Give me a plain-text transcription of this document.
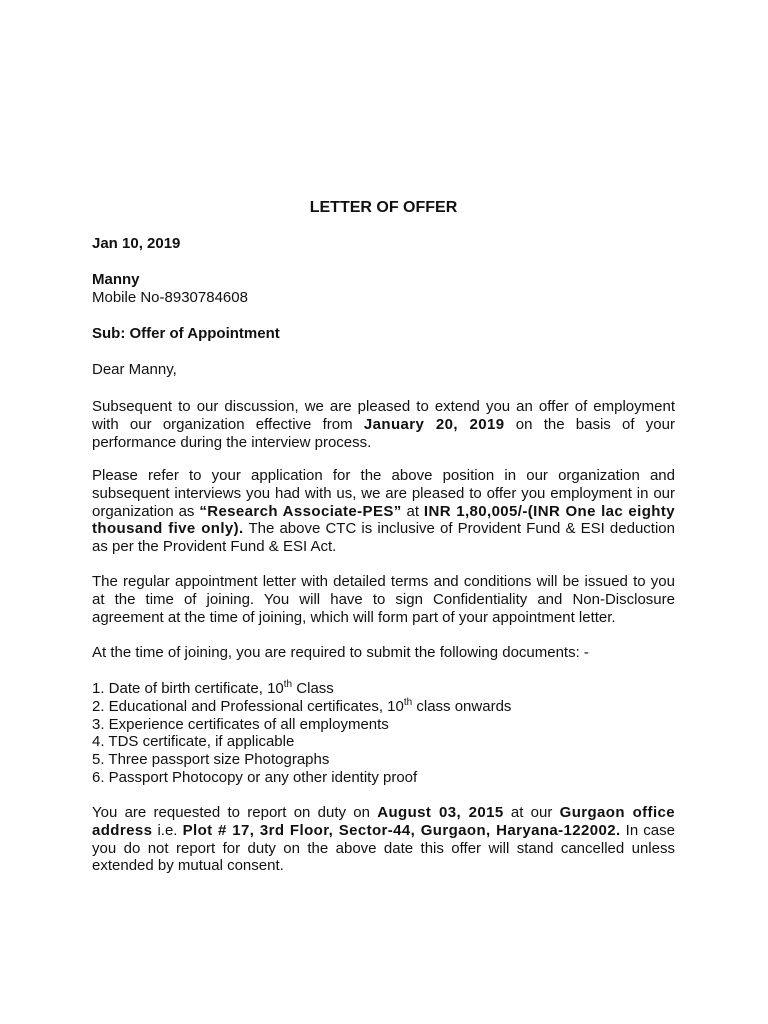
LETTER OF OFFER

Jan 10, 2019

Manny
Mobile No-8930784608

Sub: Offer of Appointment

Dear Manny,

Subsequent to our discussion, we are pleased to extend you an offer of employment with our organization effective from January 20, 2019 on the basis of your performance during the interview process.

Please refer to your application for the above position in our organization and subsequent interviews you had with us, we are pleased to offer you employment in our organization as “Research Associate-PES” at INR 1,80,005/-(INR One lac eighty thousand five only). The above CTC is inclusive of Provident Fund & ESI deduction as per the Provident Fund & ESI Act.

The regular appointment letter with detailed terms and conditions will be issued to you at the time of joining. You will have to sign Confidentiality and Non-Disclosure agreement at the time of joining, which will form part of your appointment letter.

At the time of joining, you are required to submit the following documents: -

1. Date of birth certificate, 10th Class
2. Educational and Professional certificates, 10th class onwards
3. Experience certificates of all employments
4. TDS certificate, if applicable
5. Three passport size Photographs
6. Passport Photocopy or any other identity proof

You are requested to report on duty on August 03, 2015 at our Gurgaon office address i.e. Plot # 17, 3rd Floor, Sector-44, Gurgaon, Haryana-122002. In case you do not report for duty on the above date this offer will stand cancelled unless extended by mutual consent.
